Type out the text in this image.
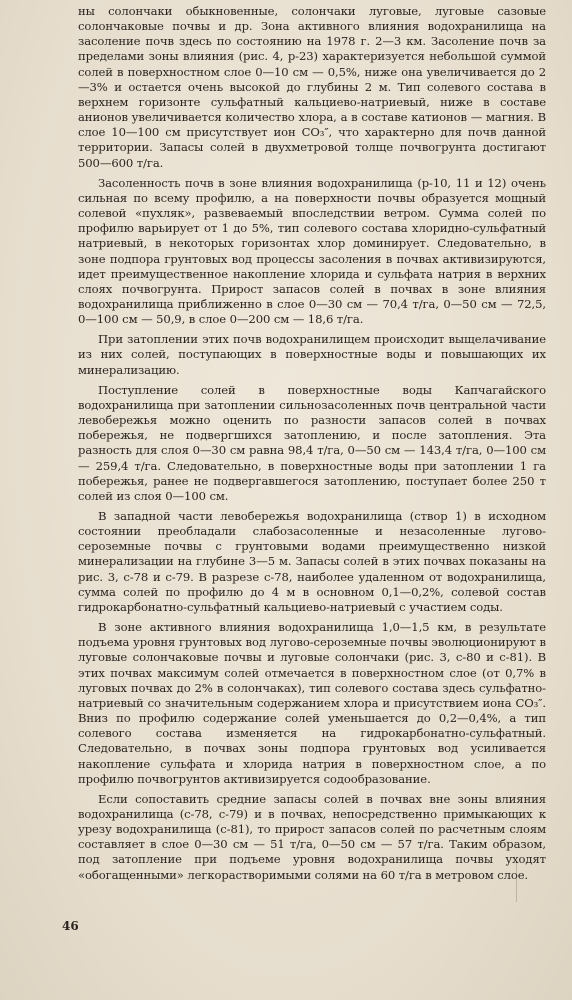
ны солончаки обыкновенные, солончаки луговые, луговые сазовые солончаковые почвы и др. Зона активного влияния водохранилища на засоление почв здесь по состоянию на 1978 г. 2—3 км. Засоление почв за пределами зоны влияния (рис. 4, р-23) характеризуется небольшой суммой солей в поверхностном слое 0—10 см — 0,5%, ниже она увеличивается до 2—3% и остается очень высокой до глубины 2 м. Тип солевого состава в верхнем горизонте сульфатный кальциево-натриевый, ниже в составе анионов увеличивается количество хлора, а в составе катионов — магния. В слое 10—100 см присутствует ион CO₃″, что характерно для почв данной территории. Запасы солей в двухметровой толще почвогрунта достигают 500—600 т/га.

Засоленность почв в зоне влияния водохранилища (р-10, 11 и 12) очень сильная по всему профилю, а на поверхности почвы образуется мощный солевой «пухляк», развеваемый впоследствии ветром. Сумма солей по профилю варьирует от 1 до 5%, тип солевого состава хлоридно-сульфатный натриевый, в некоторых горизонтах хлор доминирует. Следовательно, в зоне подпора грунтовых вод процессы засоления в почвах активизируются, идет преимущественное накопление хлорида и сульфата натрия в верхних слоях почвогрунта. Прирост запасов солей в почвах в зоне влияния водохранилища приближенно в слое 0—30 см — 70,4 т/га, 0—50 см — 72,5, 0—100 см — 50,9, в слое 0—200 см — 18,6 т/га.

При затоплении этих почв водохранилищем происходит выщелачивание из них солей, поступающих в поверхностные воды и повышающих их минерализацию.

Поступление солей в поверхностные воды Капчагайского водохранилища при затоплении сильнозасоленных почв центральной части левобережья можно оценить по разности запасов солей в почвах побережья, не подвергшихся затоплению, и после затопления. Эта разность для слоя 0—30 см равна 98,4 т/га, 0—50 см — 143,4 т/га, 0—100 см — 259,4 т/га. Следовательно, в поверхностные воды при затоплении 1 га побережья, ранее не подвергавшегося затоплению, поступает более 250 т солей из слоя 0—100 см.

В западной части левобережья водохранилища (створ 1) в исходном состоянии преобладали слабозасоленные и незасоленные лугово-сероземные почвы с грунтовыми водами преимущественно низкой минерализации на глубине 3—5 м. Запасы солей в этих почвах показаны на рис. 3, с-78 и с-79. В разрезе с-78, наиболее удаленном от водохранилища, сумма солей по профилю до 4 м в основном 0,1—0,2%, солевой состав гидрокарбонатно-сульфатный кальциево-натриевый с участием соды.

В зоне активного влияния водохранилища 1,0—1,5 км, в результате подъема уровня грунтовых вод лугово-сероземные почвы эволюционируют в луговые солончаковые почвы и луговые солончаки (рис. 3, с-80 и с-81). В этих почвах максимум солей отмечается в поверхностном слое (от 0,7% в луговых почвах до 2% в солончаках), тип солевого состава здесь сульфатно-натриевый со значительным содержанием хлора и присутствием иона CO₃″. Вниз по профилю содержание солей уменьшается до 0,2—0,4%, а тип солевого состава изменяется на гидрокарбонатно-сульфатный. Следовательно, в почвах зоны подпора грунтовых вод усиливается накопление сульфата и хлорида натрия в поверхностном слое, а по профилю почвогрунтов активизируется содообразование.

Если сопоставить средние запасы солей в почвах вне зоны влияния водохранилища (с-78, с-79) и в почвах, непосредственно примыкающих к урезу водохранилища (с-81), то прирост запасов солей по расчетным слоям составляет в слое 0—30 см — 51 т/га, 0—50 см — 57 т/га. Таким образом, под затопление при подъеме уровня водохранилища почвы уходят «обогащенными» легкорастворимыми солями на 60 т/га в метровом слое.

46
